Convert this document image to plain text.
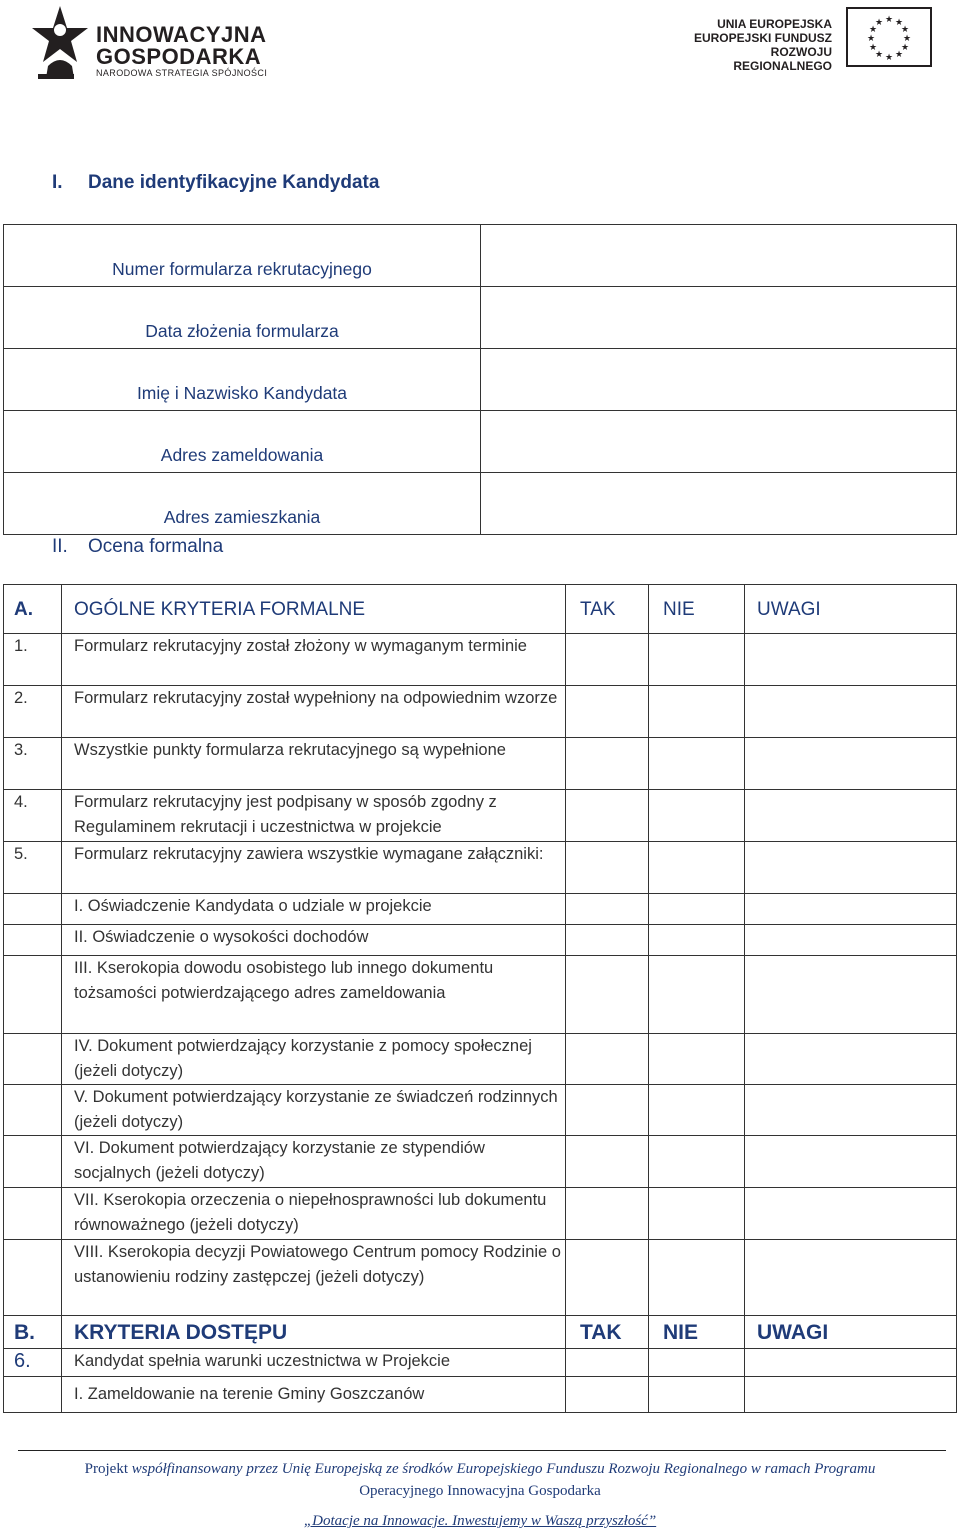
INNOWACYJNA
GOSPODARKA
NARODOWA STRATEGIA SPÓJNOŚCI
UNIA EUROPEJSKA
EUROPEJSKI FUNDUSZ
ROZWOJU REGIONALNEGO
★ ★
★
★
★
★
★
★
★
★
★
★
I. Dane identyfikacyjne Kandydata
Numer formularza rekrutacyjnego	
Data złożenia formularza	
Imię i Nazwisko Kandydata	
Adres zameldowania	
Adres zamieszkania	
II. Ocena formalna
A.	OGÓLNE KRYTERIA FORMALNE	TAK	NIE	UWAGI
1.	Formularz rekrutacyjny został złożony w wymaganym terminie			
2.	Formularz rekrutacyjny został wypełniony na odpowiednim wzorze			
3.	Wszystkie punkty formularza rekrutacyjnego są wypełnione			
4.	Formularz rekrutacyjny jest podpisany w sposób zgodny z Regulaminem rekrutacji i uczestnictwa w projekcie			
5.	Formularz rekrutacyjny zawiera wszystkie wymagane załączniki:			
	I. Oświadczenie Kandydata o udziale w projekcie			
	II. Oświadczenie o wysokości dochodów			
	III. Kserokopia dowodu osobistego lub innego dokumentu tożsamości potwierdzającego adres zameldowania			
	IV. Dokument potwierdzający korzystanie z pomocy społecznej (jeżeli dotyczy)			
	V. Dokument potwierdzający korzystanie ze świadczeń rodzinnych (jeżeli dotyczy)			
	VI. Dokument potwierdzający korzystanie ze stypendiów socjalnych (jeżeli dotyczy)			
	VII. Kserokopia orzeczenia o niepełnosprawności lub dokumentu równoważnego (jeżeli dotyczy)			
	VIII. Kserokopia decyzji Powiatowego Centrum pomocy Rodzinie o ustanowieniu rodziny zastępczej (jeżeli dotyczy)			
B.	KRYTERIA DOSTĘPU	TAK	NIE	UWAGI
6.	Kandydat spełnia warunki uczestnictwa w Projekcie			
	I. Zameldowanie na terenie Gminy Goszczanów			
Projekt współfinansowany przez Unię Europejską ze środków Europejskiego Funduszu Rozwoju Regionalnego w ramach Programu
Operacyjnego Innowacyjna Gospodarka
„Dotacje na Innowacje. Inwestujemy w Waszą przyszłość”
